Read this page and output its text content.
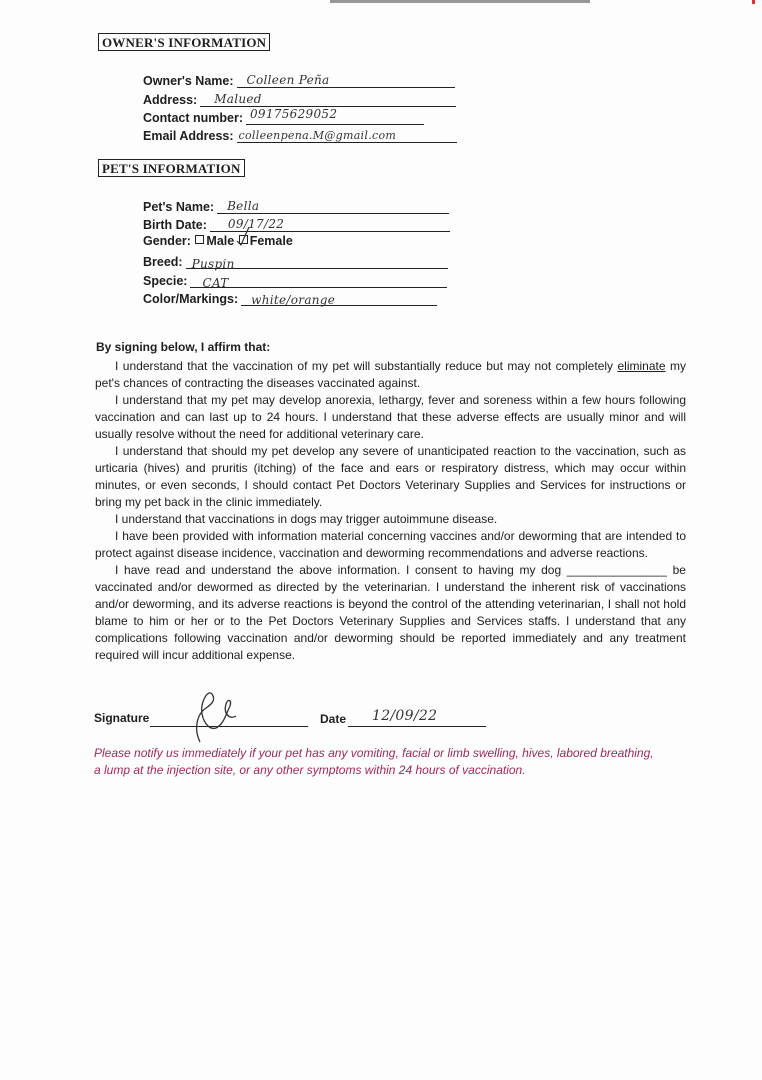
OWNER'S INFORMATION
Owner's Name: Colleen Peña
Address: Malued
Contact number: 09175629052
Email Address: colleenpena.M@gmail.com
PET'S INFORMATION
Pet's Name: Bella
Birth Date: 09/17/22
Gender: Male Female
Breed: Puspin
Specie: CAT
Color/Markings: white/orange
By signing below, I affirm that:

I understand that the vaccination of my pet will substantially reduce but may not completely eliminate my pet's chances of contracting the diseases vaccinated against.

I understand that my pet may develop anorexia, lethargy, fever and soreness within a few hours following vaccination and can last up to 24 hours. I understand that these adverse effects are usually minor and will usually resolve without the need for additional veterinary care.

I understand that should my pet develop any severe of unanticipated reaction to the vaccination, such as urticaria (hives) and pruritis (itching) of the face and ears or respiratory distress, which may occur within minutes, or even seconds, I should contact Pet Doctors Veterinary Supplies and Services for instructions or bring my pet back in the clinic immediately.

I understand that vaccinations in dogs may trigger autoimmune disease.

I have been provided with information material concerning vaccines and/or deworming that are intended to protect against disease incidence, vaccination and deworming recommendations and adverse reactions.

I have read and understand the above information. I consent to having my dog _______________ be vaccinated and/or dewormed as directed by the veterinarian. I understand the inherent risk of vaccinations and/or deworming, and its adverse reactions is beyond the control of the attending veterinarian, I shall not hold blame to him or her or to the Pet Doctors Veterinary Supplies and Services staffs. I understand that any complications following vaccination and/or deworming should be reported immediately and any treatment required will incur additional expense.

Signature	Date 12/09/22
Please notify us immediately if your pet has any vomiting, facial or limb swelling, hives, labored breathing, a lump at the injection site, or any other symptoms within 24 hours of vaccination.
